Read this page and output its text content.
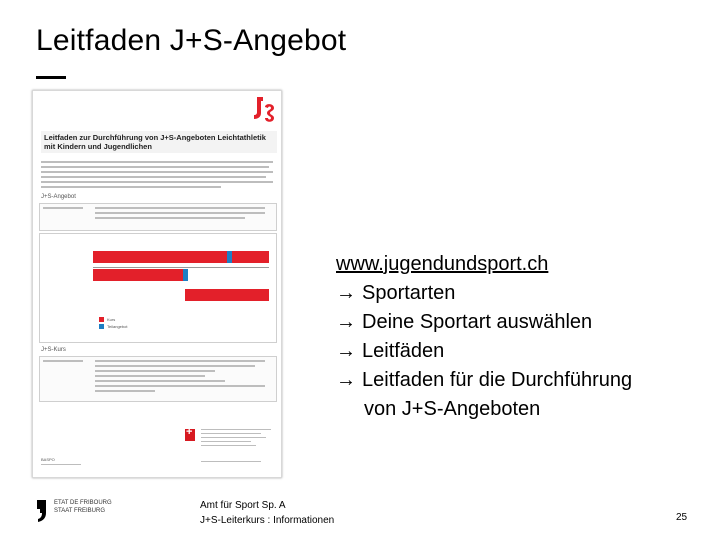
Leitfaden J+S-Angebot
Leitfaden zur Durchführung von J+S-Angeboten Leichtathletik mit Kindern und Jugendlichen
J+S-Angebot
Kurs
Teilangebot
J+S-Kurs
+
BASPO
www.jugendundsport.ch
→ Sportarten
→ Deine Sportart auswählen
→ Leitfäden
→ Leitfaden für die Durchführung
von J+S-Angeboten
ETAT DE FRIBOURG
STAAT FREIBURG	Amt für Sport Sp. A
J+S-Leiterkurs : Informationen	25
